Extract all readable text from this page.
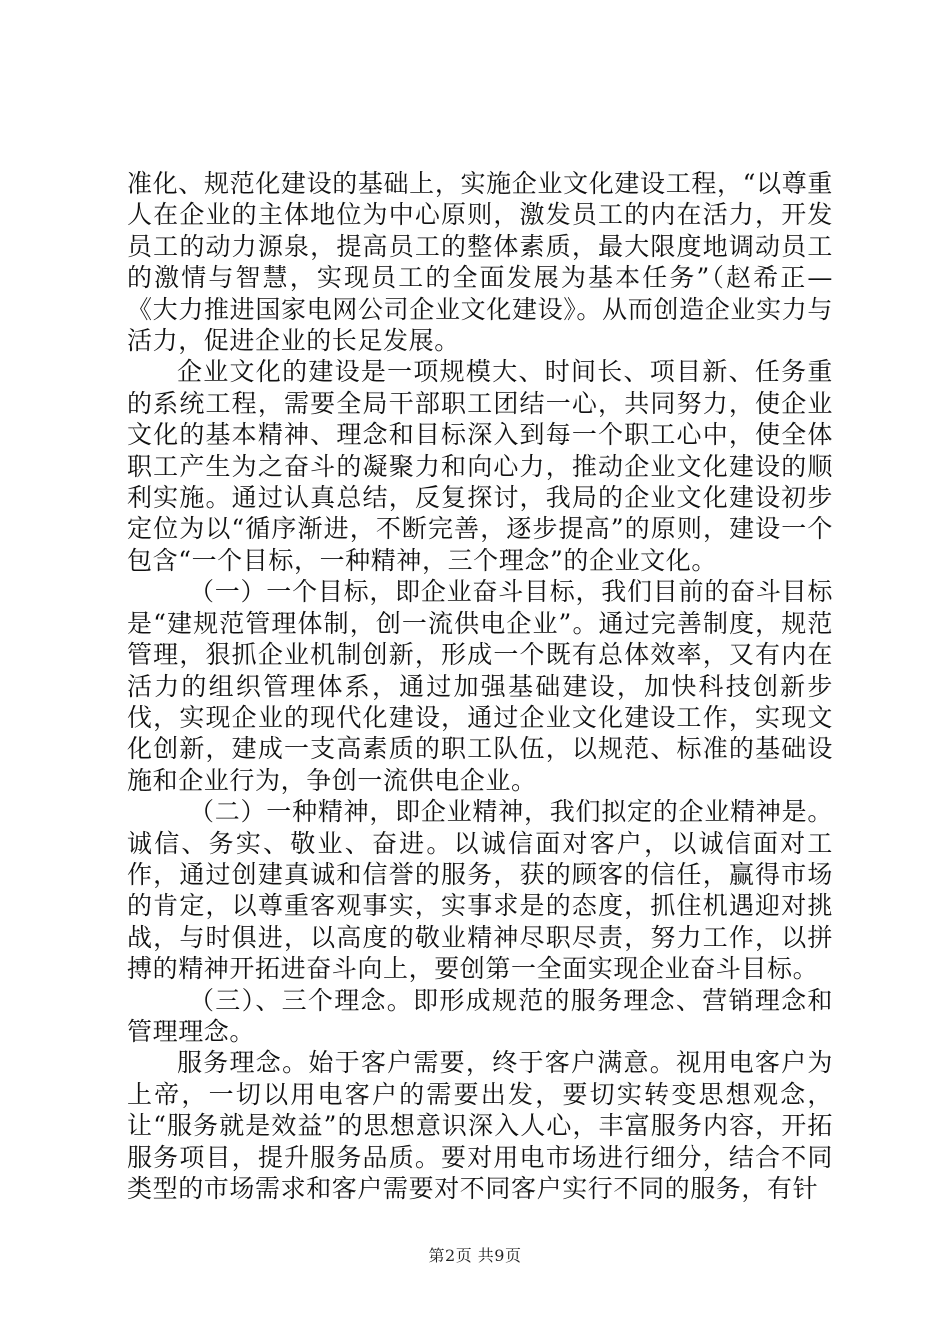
准化、规范化建设的基础上，实施企业文化建设工程，“以尊重人在企业的主体地位为中心原则，激发员工的内在活力，开发员工的动力源泉，提高员工的整体素质，最大限度地调动员工的激情与智慧，实现员工的全面发展为基本任务”（赵希正—《大力推进国家电网公司企业文化建设》。从而创造企业实力与活力，促进企业的长足发展。

企业文化的建设是一项规模大、时间长、项目新、任务重的系统工程，需要全局干部职工团结一心，共同努力，使企业文化的基本精神、理念和目标深入到每一个职工心中，使全体职工产生为之奋斗的凝聚力和向心力，推动企业文化建设的顺利实施。通过认真总结，反复探讨，我局的企业文化建设初步定位为以“循序渐进，不断完善，逐步提高”的原则，建设一个包含“一个目标，一种精神，三个理念”的企业文化。

（一）一个目标，即企业奋斗目标，我们目前的奋斗目标是“建规范管理体制，创一流供电企业”。通过完善制度，规范管理，狠抓企业机制创新，形成一个既有总体效率，又有内在活力的组织管理体系，通过加强基础建设，加快科技创新步伐，实现企业的现代化建设，通过企业文化建设工作，实现文化创新，建成一支高素质的职工队伍，以规范、标准的基础设施和企业行为，争创一流供电企业。

（二）一种精神，即企业精神，我们拟定的企业精神是。诚信、务实、敬业、奋进。以诚信面对客户，以诚信面对工作，通过创建真诚和信誉的服务，获的顾客的信任，赢得市场的肯定，以尊重客观事实，实事求是的态度，抓住机遇迎对挑战，与时俱进，以高度的敬业精神尽职尽责，努力工作，以拼搏的精神开拓进奋斗向上，要创第一全面实现企业奋斗目标。

（三）、三个理念。即形成规范的服务理念、营销理念和管理理念。

服务理念。始于客户需要，终于客户满意。视用电客户为上帝，一切以用电客户的需要出发，要切实转变思想观念，让“服务就是效益”的思想意识深入人心，丰富服务内容，开拓服务项目，提升服务品质。要对用电市场进行细分，结合不同类型的市场需求和客户需要对不同客户实行不同的服务，有针

第2页 共9页
